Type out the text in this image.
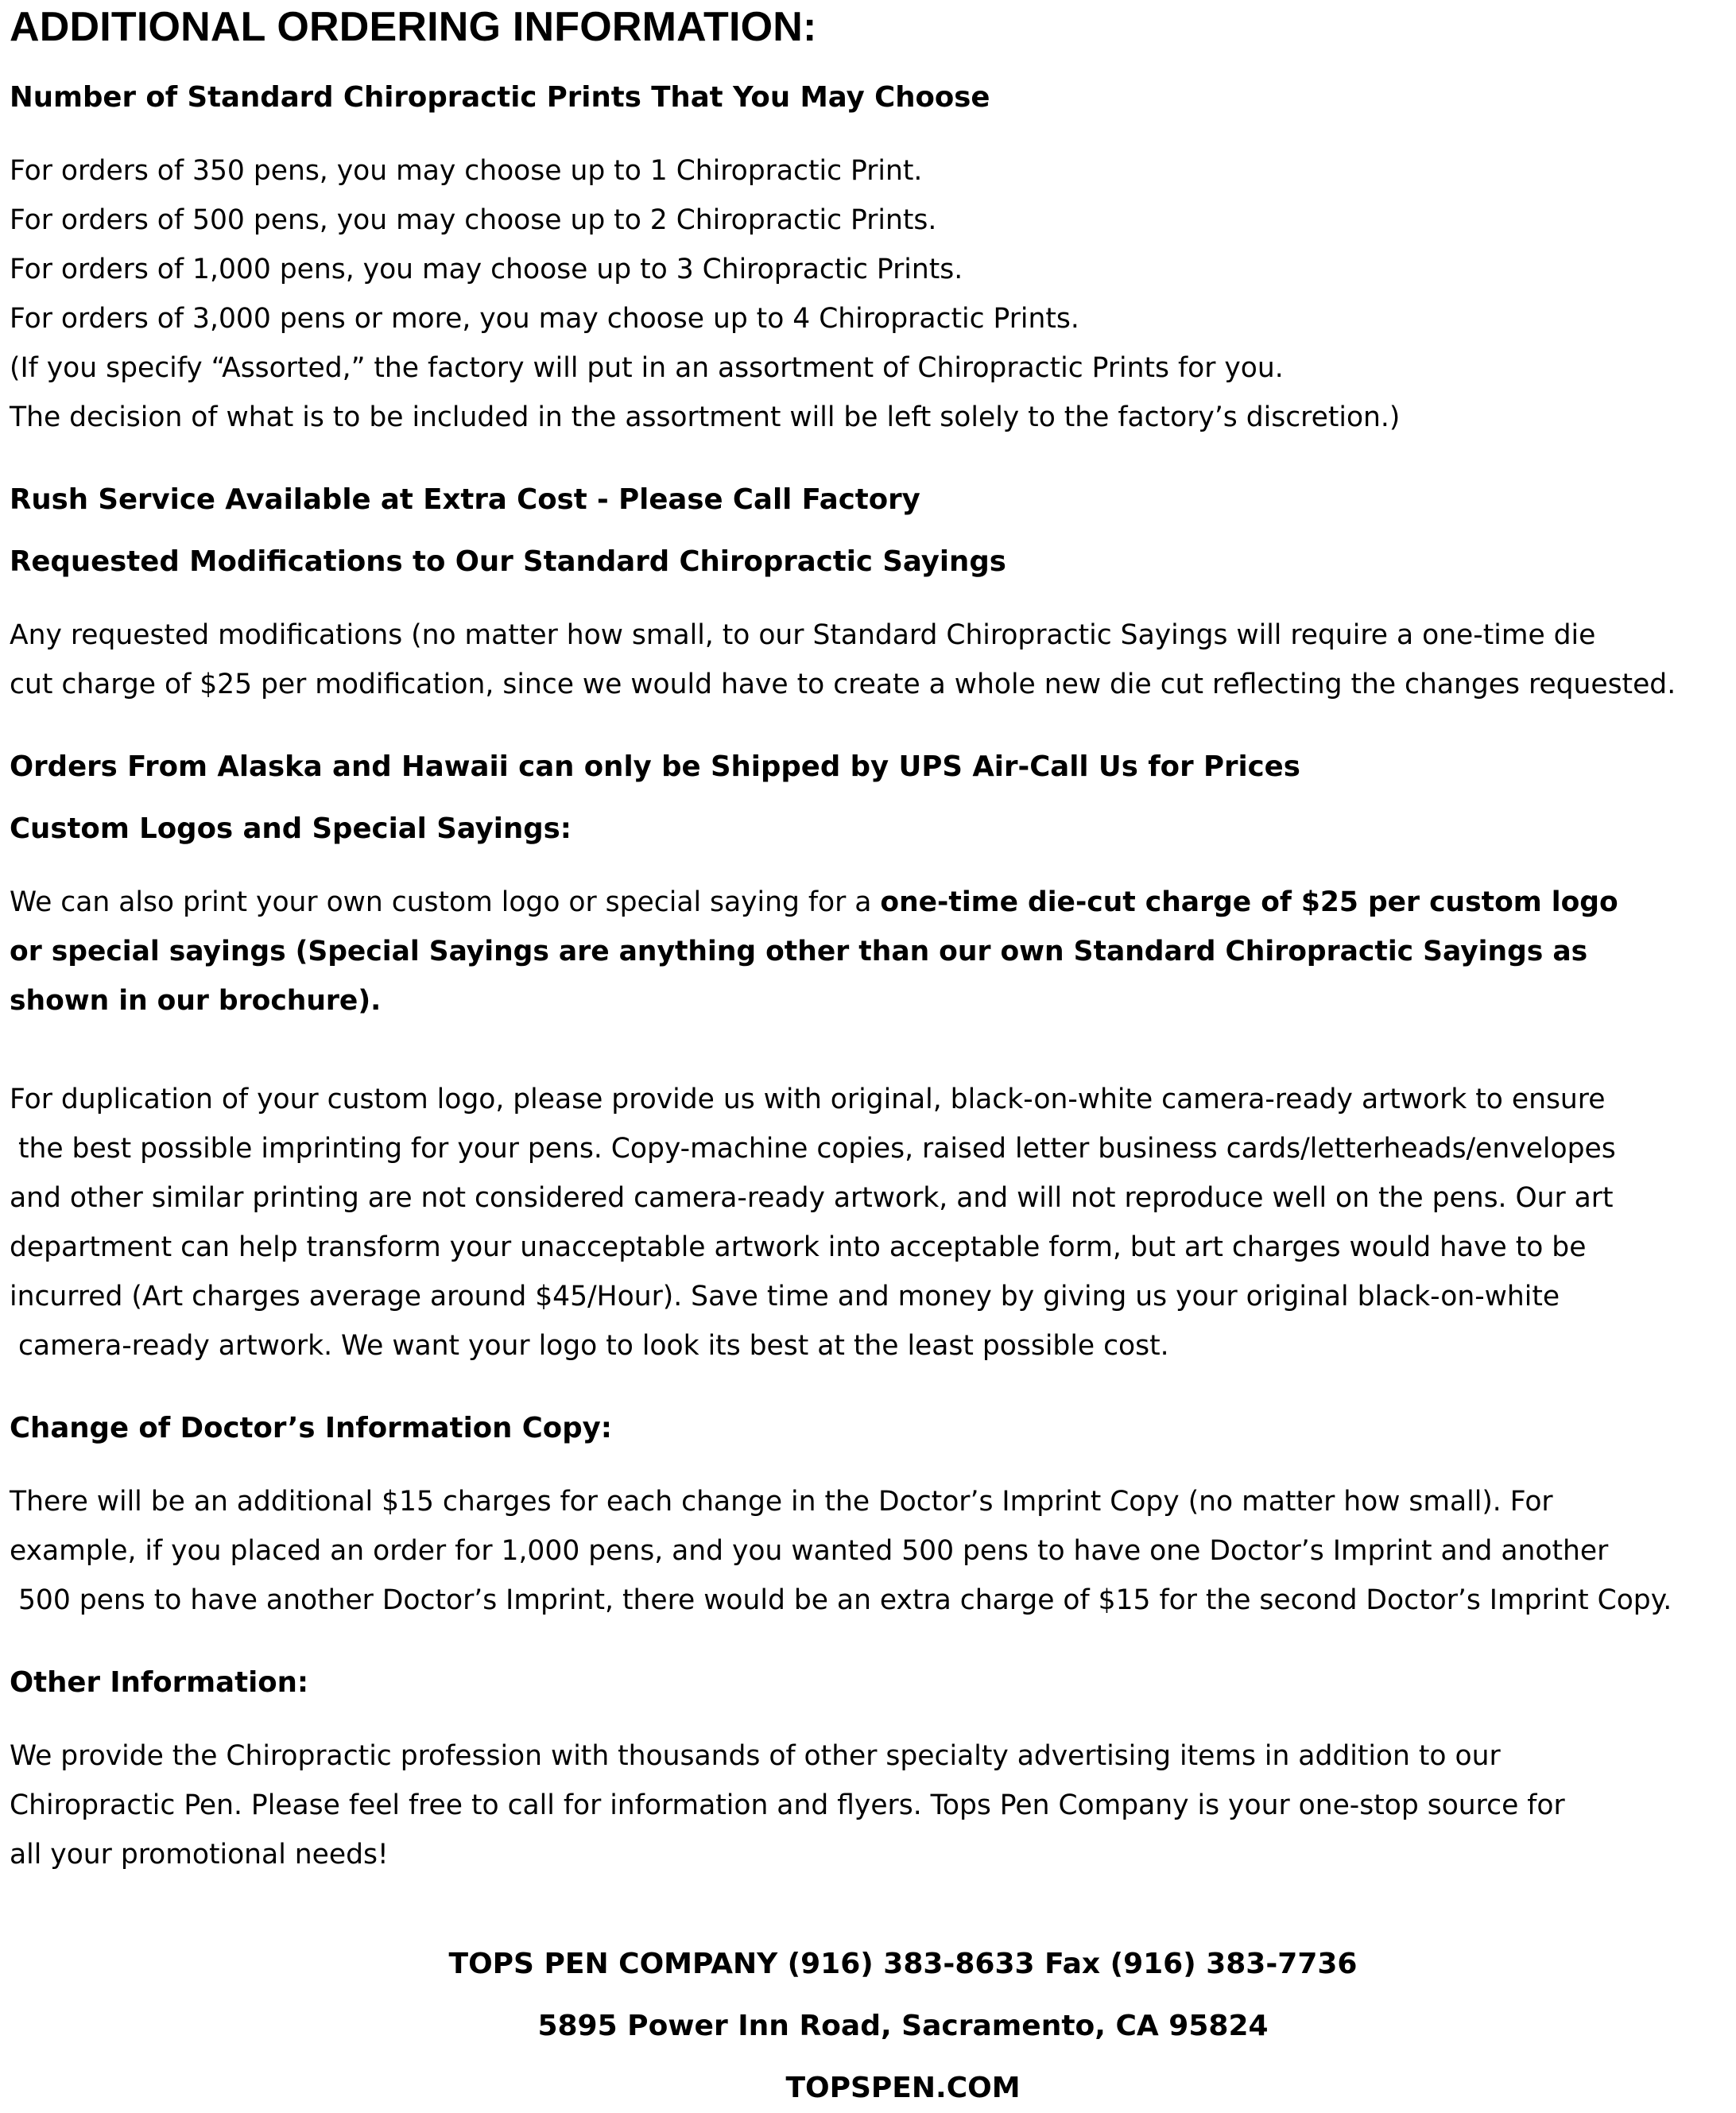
ADDITIONAL ORDERING INFORMATION:
Number of Standard Chiropractic Prints That You May Choose
For orders of 350 pens, you may choose up to 1 Chiropractic Print.
For orders of 500 pens, you may choose up to 2 Chiropractic Prints.
For orders of 1,000 pens, you may choose up to 3 Chiropractic Prints.
For orders of 3,000 pens or more, you may choose up to 4 Chiropractic Prints.
(If you specify “Assorted,” the factory will put in an assortment of Chiropractic Prints for you.
The decision of what is to be included in the assortment will be left solely to the factory’s discretion.)
Rush Service Available at Extra Cost - Please Call Factory
Requested Modifications to Our Standard Chiropractic Sayings
Any requested modifications (no matter how small, to our Standard Chiropractic Sayings will require a one-time die
cut charge of $25 per modification, since we would have to create a whole new die cut reflecting the changes requested.
Orders From Alaska and Hawaii can only be Shipped by UPS Air-Call Us for Prices
Custom Logos and Special Sayings:
We can also print your own custom logo or special saying for a one-time die-cut charge of $25 per custom logo
or special sayings (Special Sayings are anything other than our own Standard Chiropractic Sayings as
shown in our brochure).
For duplication of your custom logo, please provide us with original, black-on-white camera-ready artwork to ensure
the best possible imprinting for your pens. Copy-machine copies, raised letter business cards/letterheads/envelopes
and other similar printing are not considered camera-ready artwork, and will not reproduce well on the pens. Our art
department can help transform your unacceptable artwork into acceptable form, but art charges would have to be
incurred (Art charges average around $45/Hour). Save time and money by giving us your original black-on-white
camera-ready artwork. We want your logo to look its best at the least possible cost.
Change of Doctor’s Information Copy:
There will be an additional $15 charges for each change in the Doctor’s Imprint Copy (no matter how small). For
example, if you placed an order for 1,000 pens, and you wanted 500 pens to have one Doctor’s Imprint and another
500 pens to have another Doctor’s Imprint, there would be an extra charge of $15 for the second Doctor’s Imprint Copy.
Other Information:
We provide the Chiropractic profession with thousands of other specialty advertising items in addition to our
Chiropractic Pen. Please feel free to call for information and flyers. Tops Pen Company is your one-stop source for
all your promotional needs!
TOPS PEN COMPANY (916) 383-8633 Fax (916) 383-7736
5895 Power Inn Road, Sacramento, CA 95824
TOPSPEN.COM
